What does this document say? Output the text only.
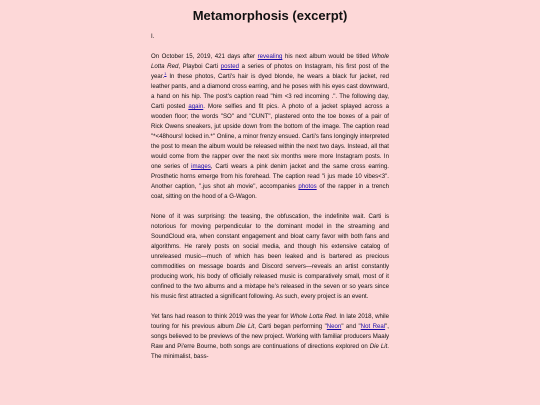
Metamorphosis (excerpt)
I.

On October 15, 2019, 421 days after revealing his next album would be titled Whole Lotta Red, Playboi Carti posted a series of photos on Instagram, his first post of the year.$^1$ In these photos, Carti's hair is dyed blonde, he wears a black fur jacket, red leather pants, and a diamond cross earring, and he poses with his eyes cast downward, a hand on his hip. The post's caption read "him <3 red incoming .". The following day, Carti posted again. More selfies and fit pics. A photo of a jacket splayed across a wooden floor; the words "SO" and "CUNT", plastered onto the toe boxes of a pair of Rick Owens sneakers, jut upside down from the bottom of the image. The caption read "*<48hours! locked in.*" Online, a minor frenzy ensued. Carti's fans longingly interpreted the post to mean the album would be released within the next two days. Instead, all that would come from the rapper over the next six months were more Instagram posts. In one series of images, Carti wears a pink denim jacket and the same cross earring. Prosthetic horns emerge from his forehead. The caption read "i jus made 10 vibes<3". Another caption, ".jus shot ah movie", accompanies photos of the rapper in a trench coat, sitting on the hood of a G-Wagon.

None of it was surprising: the teasing, the obfuscation, the indefinite wait. Carti is notorious for moving perpendicular to the dominant model in the streaming and SoundCloud era, when constant engagement and bloat carry favor with both fans and algorithms. He rarely posts on social media, and though his extensive catalog of unreleased music—much of which has been leaked and is bartered as precious commodities on message boards and Discord servers—reveals an artist constantly producing work, his body of officially released music is comparatively small, most of it confined to the two albums and a mixtape he's released in the seven or so years since his music first attracted a significant following. As such, every project is an event.

Yet fans had reason to think 2019 was the year for Whole Lotta Red. In late 2018, while touring for his previous album Die Lit, Carti began performing "Neon" and "Not Real", songs believed to be previews of the new project. Working with familiar producers Maaly Raw and Pi'erre Bourne, both songs are continuations of directions explored on Die Lit. The minimalist, bass-
